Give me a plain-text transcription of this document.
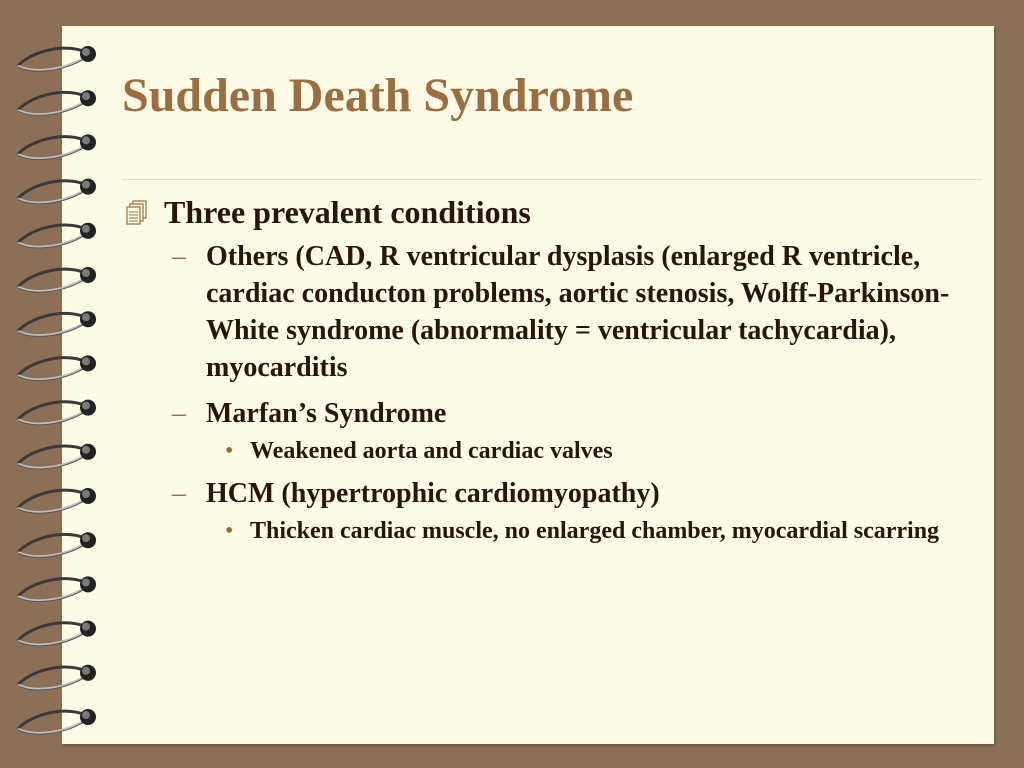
Sudden Death Syndrome
Three prevalent conditions
– Others (CAD, R ventricular dysplasis (enlarged R ventricle, cardiac conducton problems, aortic stenosis, Wolff-Parkinson-White syndrome (abnormality = ventricular tachycardia), myocarditis
– Marfan’s Syndrome
• Weakened aorta and cardiac valves
– HCM (hypertrophic cardiomyopathy)
• Thicken cardiac muscle, no enlarged chamber, myocardial scarring
